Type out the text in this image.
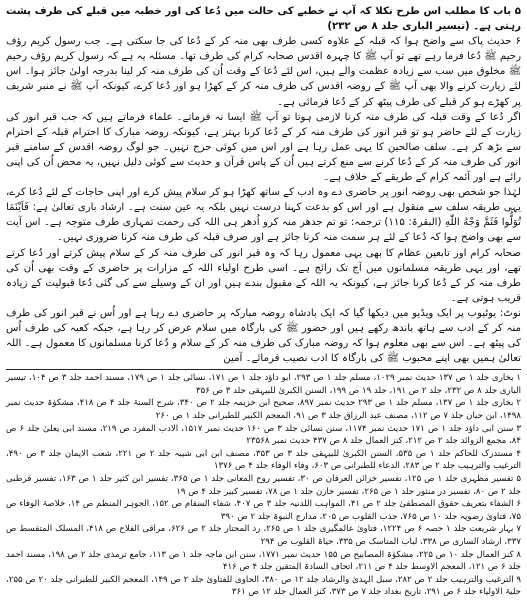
۵ باب کا مطلب اس طرح نکلا کہ آپ نے خطبے کی حالت میں دُعا کی اور خطبہ میں قبلے کی طرف پشت رہتی ہے۔ (تیسیر الباری جلد ۸ ص ۲۳۲)

۶ حدیث پاک سے واضح ہوا کہ قبلہ کے علاوہ کسی طرف بھی منہ کر کے دُعا کی جا سکتی ہے۔ جب رسول کریم رؤف رحیم ﷺ دُعا فرما رہے تھے تو آپ ﷺ کا چہرہ اقدس صحابہ کرام کی طرف تھا۔ مسئلہ یہ ہے کہ رسول کریم رؤف رحیم ﷺ مخلوق میں سب سے زیادہ عظمت والے ہیں، اس لئے دُعا کے وقت اُن کی طرف منہ کر لینا بدرجہ اولیٰ جائز ہوا۔ اس لئے زیارت کرنے والا بھی آپ ﷺ کے روضہ اقدس کی طرف منہ کر کے کھڑا ہو اور دُعا کرے، کیونکہ آپ ﷺ نے منبر شریف پر کھڑے ہو کر قبلے کی طرف پیٹھ کر کے دُعا فرمائی ہے۔

اگر دُعا کے وقت قبلہ کی طرف منہ کرنا لازمی ہوتا تو آپ ﷺ ایسا نہ فرماتے۔ علماء فرماتے ہیں کہ جب قبر انور کی زیارت کے لئے حاضر ہو تو قبر انور کی طرف منہ کر کے دُعا کرنا بہتر ہے، کیونکہ روضہ مبارک کا احترام قبلہ کے احترام سے بڑھ کر ہے۔ سلف صالحین کا یہی عمل رہا ہے اور اس میں کوئی حرج نہیں۔ جو لوگ روضہ اقدس کے سامنے قبر انور کی طرف منہ کر کے دُعا کرنے سے منع کرتے ہیں اُن کے پاس قرآن و حدیث سے کوئی دلیل نہیں، یہ محض اُن کی اپنی رائے ہے اور آئمہ کرام کے طریقے کے خلاف ہے۔

لہٰذا جو شخص بھی روضہ انور پر حاضری دے وہ ادب کے ساتھ کھڑا ہو کر سلام پیش کرے اور اپنی حاجات کے لئے دُعا کرے، یہی طریقہ سلف سے منقول ہے اور اس کو بدعت کہنا درست نہیں بلکہ یہ عین سنت ہے۔ ارشاد باری تعالیٰ ہے: فَاَیْنَمَا تُوَلُّوا فَثَمَّ وَجْهُ اللّٰهِ (البقرۃ: ۱۱۵) ترجمہ: تو تم جدھر منہ کرو اُدھر ہی اللہ کی رحمت تمہاری طرف متوجہ ہے۔ اس آیت سے بھی واضح ہوا کہ دُعا کے لئے ہر سمت منہ کرنا جائز ہے اور صرف قبلہ کی طرف منہ کرنا ضروری نہیں۔

صحابہ کرام اور تابعین عظام کا بھی یہی معمول رہا کہ وہ قبر انور کی طرف منہ کر کے سلام پیش کرتے اور دُعا کرتے تھے، اور یہی طریقہ مسلمانوں میں آج تک رائج ہے۔ اسی طرح اولیاء اللہ کے مزارات پر حاضری کے وقت بھی اُن کی طرف منہ کر کے دُعا کرنا جائز ہے، کیونکہ یہ اللہ کے مقبول بندے ہیں اور ان کے وسیلے سے کی گئی دُعا قبولیت کے زیادہ قریب ہوتی ہے۔

نوٹ: یوٹیوب پر ایک ویڈیو میں دیکھا گیا کہ ایک بادشاہ روضہ مبارکہ پر حاضری دے رہا ہے اور اُس نے قبر انور کی طرف منہ کر کے ادب سے ہاتھ باندھ رکھے ہیں اور حضور ﷺ کی بارگاہ میں سلام عرض کر رہا ہے، جبکہ کعبہ کی طرف اُس کی پیٹھ ہے۔ اس سے بھی معلوم ہوا کہ روضہ مبارک کی طرف منہ کر کے سلام و دُعا کرنا مسلمانوں کا معمول ہے۔ اللہ تعالیٰ ہمیں بھی اپنے محبوب ﷺ کی بارگاہ کا ادب نصیب فرمائے۔ آمین

۱ بخاری جلد ۱ ص ۱۳۷ حدیث نمبر ۱۰۲۹، مسلم جلد ۱ ص ۲۹۳، ابو داؤد جلد ۱ ص ۱۷۱، نسائی جلد ۱ ص ۱۷۹، مسند احمد جلد ۳ ص ۱۰۴، تیسیر الباری جلد ۸ ص ۲۳۲، جلد ۲ ص ۱۹۱، جلد ۱۹ ص ۱۹۹، السنن الکبریٰ للبیہقی جلد ۳ ص ۳۵۶

۲ بخاری جلد ۱ ص ۱۳۷، مسلم جلد ۱ ص ۲۹۳ حدیث نمبر ۸۹۷، صحیح ابن خزیمہ جلد ۲ ص ۳۴۰، شرح السنۃ جلد ۴ ص ۴۱۸، مشکوٰۃ حدیث نمبر ۱۴۹۸، ابن حبان جلد ۷ ص ۱۱۲، مصنف عبد الرزاق جلد ۳ ص ۹۱، المعجم الکبیر للطبرانی جلد ۱ ص ۲۶۰

۳ سنن ابی داؤد جلد ۱ ص ۱۷۱ حدیث نمبر ۱۱۷۴، سنن نسائی جلد ۳ ص ۱۶۰ حدیث نمبر ۱۵۱۷، الادب المفرد ص ۲۱۹، مسند ابی یعلیٰ جلد ۶ ص ۸۴، مجمع الزوائد جلد ۲ ص ۲۱۲، کنز العمال جلد ۸ ص ۴۳۷ حدیث نمبر ۲۳۵۶۸

۴ مستدرک للحاکم جلد ۱ ص ۵۳۵، السنن الکبریٰ للبیہقی جلد ۳ ص ۳۵۳، مصنف ابن ابی شیبہ جلد ۲ ص ۲۲۱، شعب الایمان جلد ۳ ص ۴۹۰، الترغیب والترہیب جلد ۲ ص ۲۸۳، الدعاء للطبرانی ص ۶۰۳، وفاء الوفاء جلد ۴ ص ۱۳۷۶

۵ تفسیر مظہری جلد ۱ ص ۱۲۵، تفسیر خزائن العرفان ص ۳۰، تفسیر روح المعانی جلد ۱ ص ۳۶۵، تفسیر ابن کثیر جلد ۱ ص ۱۶۳، تفسیر قرطبی جلد ۲ ص ۸۰، تفسیر در منثور جلد ۱ ص ۲۶۵، تفسیر خازن جلد ۱ ص ۷۸، تفسیر کبیر جلد ۴ ص ۱۹

۶ الشفاء بتعریف حقوق المصطفیٰ جلد ۲ ص ۴۱، المواہب اللدنیہ جلد ۳ ص ۴۰۷، شفاء السقام ص ۱۵۲، الجوہر المنظم ص ۱۴، خلاصۃ الوفاء ص ۷۵، فتاویٰ رضویہ جلد ۱۰ ص ۷۶۵، جذب القلوب ص ۲۰۵، مدارج النبوۃ جلد ۲ ص ۳۹۰

۷ بہار شریعت جلد ۱ حصہ ۶ ص ۱۲۲۴، فتاویٰ عالمگیری جلد ۱ ص ۲۶۵، رد المحتار جلد ۲ ص ۶۲۶، مراقی الفلاح ص ۴۱۸، المسلک المتقسط ص ۳۳۷، ارشاد الساری ص ۳۳۸، لباب المناسک ص ۳۳۵، حیاۃ القلوب ص ۲۹۴

۸ کنز العمال جلد ۱۰ ص ۲۲۵، مشکوٰۃ المصابیح ص ۱۵۵ حدیث نمبر ۱۷۷۱، سنن ابن ماجہ جلد ۱ ص ۱۱۳، جامع ترمذی جلد ۲ ص ۱۹۸، مسند احمد جلد ۶ ص ۱۲۱، المعجم الاوسط جلد ۴ ص ۲۱۱، اتحاف السادۃ المتقین جلد ۴ ص ۴۱۶

۹ الترغیب والترہیب جلد ۲ ص ۲۸۲، سبل الہدیٰ والرشاد جلد ۱۲ ص ۳۸۰، الحاوی للفتاویٰ جلد ۲ ص ۱۴۹، المعجم الکبیر للطبرانی جلد ۲۰ ص ۲۵۵، حلیۃ الاولیاء جلد ۶ ص ۲۹۱، تاریخ بغداد جلد ۷ ص ۳۷۳، کنز العمال جلد ۱۲ ص ۳۶۱
